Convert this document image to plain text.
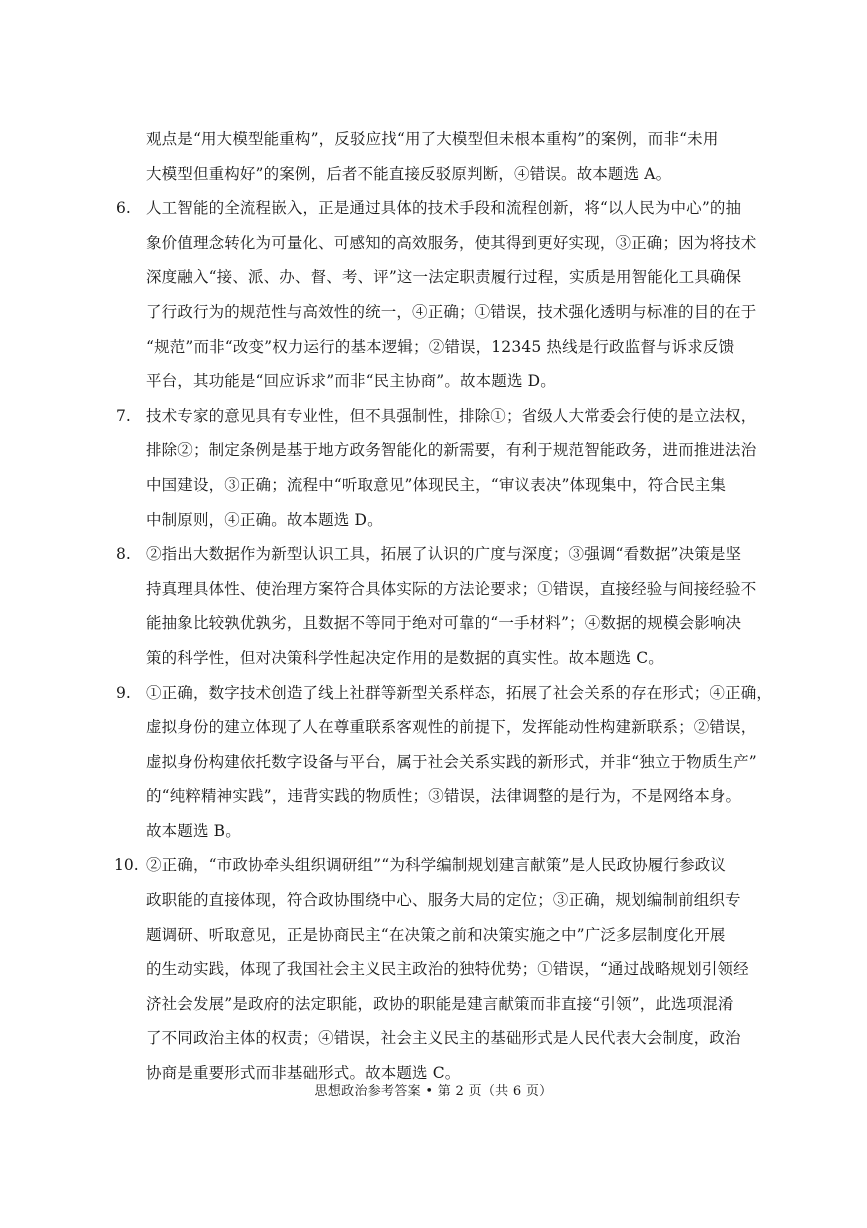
观点是“用大模型能重构”，反驳应找“用了大模型但未根本重构”的案例，而非“未用
大模型但重构好”的案例，后者不能直接反驳原判断，④错误。故本题选 A。
6. 人工智能的全流程嵌入，正是通过具体的技术手段和流程创新，将“以人民为中心”的抽
象价值理念转化为可量化、可感知的高效服务，使其得到更好实现，③正确；因为将技术
深度融入“接、派、办、督、考、评”这一法定职责履行过程，实质是用智能化工具确保
了行政行为的规范性与高效性的统一，④正确；①错误，技术强化透明与标准的目的在于
“规范”而非“改变”权力运行的基本逻辑；②错误，12345 热线是行政监督与诉求反馈
平台，其功能是“回应诉求”而非“民主协商”。故本题选 D。
7. 技术专家的意见具有专业性，但不具强制性，排除①；省级人大常委会行使的是立法权，
排除②；制定条例是基于地方政务智能化的新需要，有利于规范智能政务，进而推进法治
中国建设，③正确；流程中“听取意见”体现民主，“审议表决”体现集中，符合民主集
中制原则，④正确。故本题选 D。
8. ②指出大数据作为新型认识工具，拓展了认识的广度与深度；③强调“看数据”决策是坚
持真理具体性、使治理方案符合具体实际的方法论要求；①错误，直接经验与间接经验不
能抽象比较孰优孰劣，且数据不等同于绝对可靠的“一手材料”；④数据的规模会影响决
策的科学性，但对决策科学性起决定作用的是数据的真实性。故本题选 C。
9. ①正确，数字技术创造了线上社群等新型关系样态，拓展了社会关系的存在形式；④正确，
虚拟身份的建立体现了人在尊重联系客观性的前提下，发挥能动性构建新联系；②错误，
虚拟身份构建依托数字设备与平台，属于社会关系实践的新形式，并非“独立于物质生产”
的“纯粹精神实践”，违背实践的物质性；③错误，法律调整的是行为，不是网络本身。
故本题选 B。
10. ②正确，“市政协牵头组织调研组”“为科学编制规划建言献策”是人民政协履行参政议
政职能的直接体现，符合政协围绕中心、服务大局的定位；③正确，规划编制前组织专
题调研、听取意见，正是协商民主“在决策之前和决策实施之中”广泛多层制度化开展
的生动实践，体现了我国社会主义民主政治的独特优势；①错误，“通过战略规划引领经
济社会发展”是政府的法定职能，政协的职能是建言献策而非直接“引领”，此选项混淆
了不同政治主体的权责；④错误，社会主义民主的基础形式是人民代表大会制度，政治
协商是重要形式而非基础形式。故本题选 C。
思想政治参考答案 • 第 2 页（共 6 页）
